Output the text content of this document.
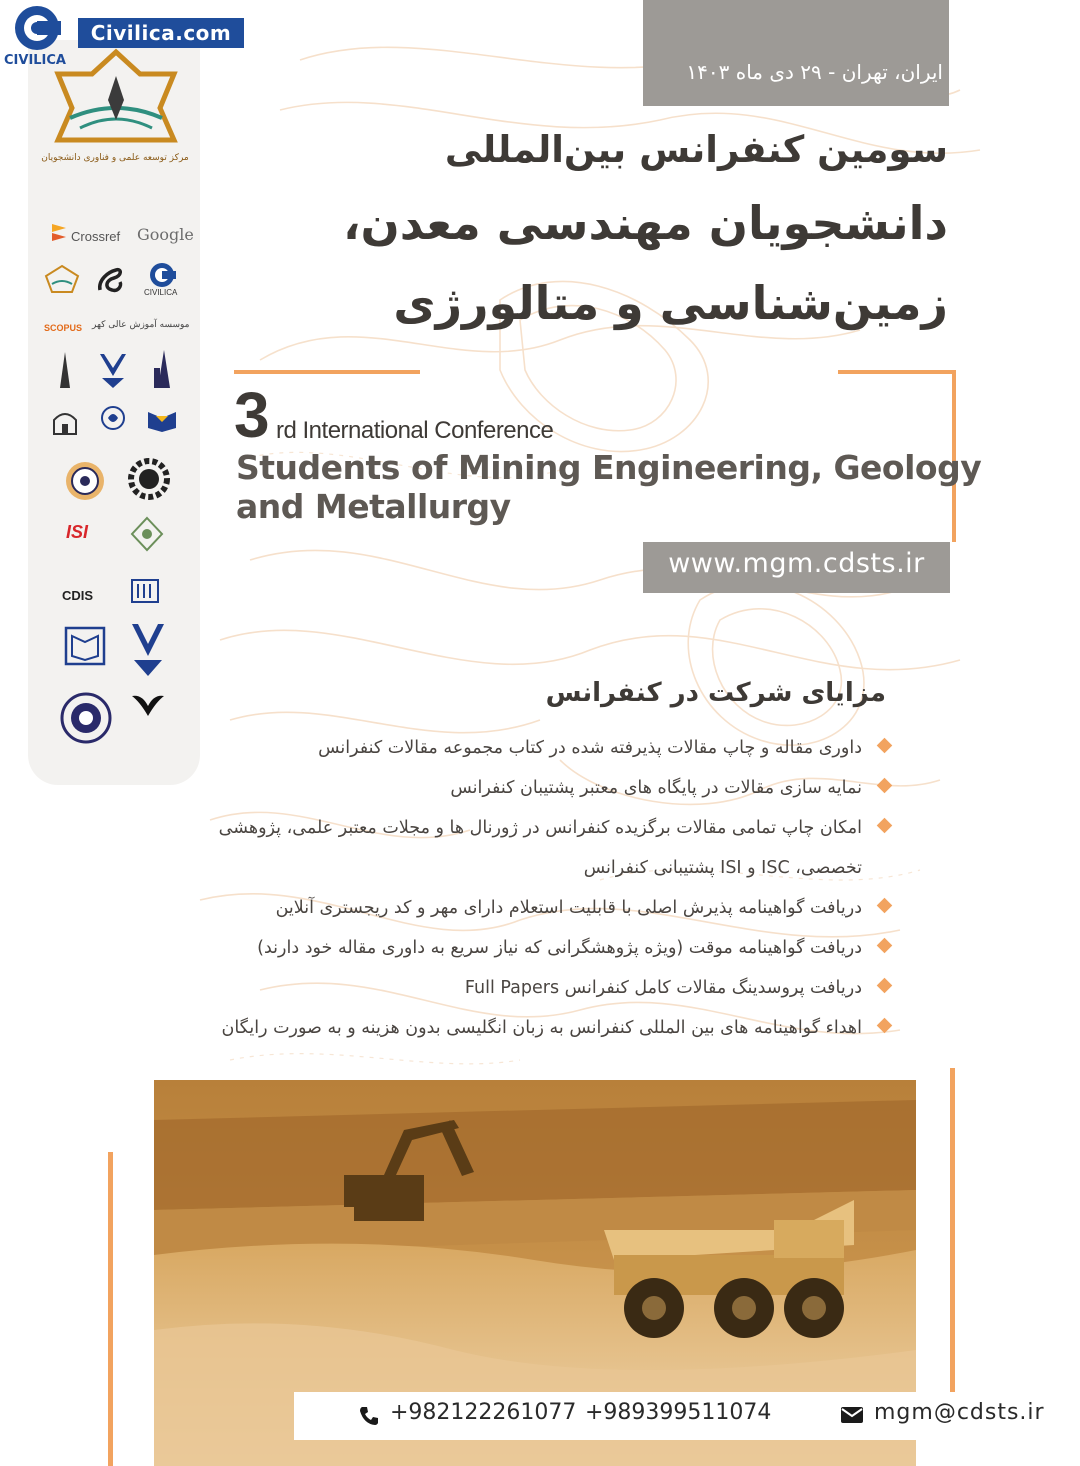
Civilica.com
CIVILICA
مرکز توسعه علمی و فناوری دانشجویان
Crossref Google
CIVILICA
SCOPUS موسسه آموزش عالی کهر
ISI
CDIS
ایران، تهران - ۲۹ دی ماه ۱۴۰۳
سومین کنفرانس بین‌المللی
دانشجویان مهندسی معدن،
زمین‌شناسی و متالورژی
3 rd International Conference
Students of Mining Engineering, Geology
and Metallurgy
www.mgm.cdsts.ir
مزایای شرکت در کنفرانس
داوری مقاله و چاپ مقالات پذیرفته شده در کتاب مجموعه مقالات کنفرانس
نمایه سازی مقالات در پایگاه های معتبر پشتیبان کنفرانس
امکان چاپ تمامی مقالات برگزیده کنفرانس در ژورنال ها و مجلات معتبر علمی، پژوهشی تخصصی، ISC و ISI پشتیبانی کنفرانس
دریافت گواهینامه پذیرش اصلی با قابلیت استعلام دارای مهر و کد ریجستری آنلاین
دریافت گواهینامه موقت (ویژه پژوهشگرانی که نیاز سریع به داوری مقاله خود دارند)
دریافت پروسدینگ مقالات کامل کنفرانس Full Papers
اهداء گواهینامه های بین المللی کنفرانس به زبان انگلیسی بدون هزینه و به صورت رایگان
+982122261077 +989399511074	mgm@cdsts.ir
